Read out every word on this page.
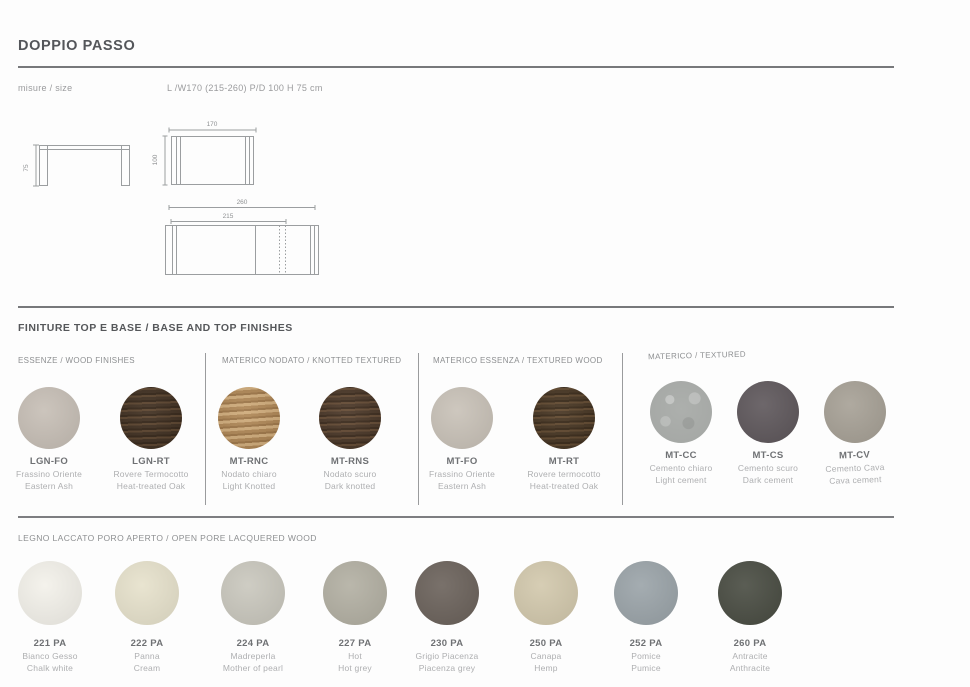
DOPPIO PASSO
misure / size	L /W170 (215-260) P/D 100 H 75 cm
75
170
100
260
215
FINITURE TOP E BASE / BASE AND TOP FINISHES
ESSENZE / WOOD FINISHES
LGN-FO
Frassino Oriente
Eastern Ash
LGN-RT
Rovere Termocotto
Heat-treated Oak
MATERICO NODATO / KNOTTED TEXTURED
MT-RNC
Nodato chiaro
Light Knotted
MT-RNS
Nodato scuro
Dark knotted
MATERICO ESSENZA / TEXTURED WOOD
MT-FO
Frassino Oriente
Eastern Ash
MT-RT
Rovere termocotto
Heat-treated Oak
MATERICO / TEXTURED
MT-CC
Cemento chiaro
Light cement
MT-CS
Cemento scuro
Dark cement
MT-CV
Cemento Cava
Cava cement
LEGNO LACCATO PORO APERTO / OPEN PORE LACQUERED WOOD
221 PA
Bianco Gesso
Chalk white
222 PA
Panna
Cream
224 PA
Madreperla
Mother of pearl
227 PA
Hot
Hot grey
230 PA
Grigio Piacenza
Piacenza grey
250 PA
Canapa
Hemp
252 PA
Pomice
Pumice
260 PA
Antracite
Anthracite
